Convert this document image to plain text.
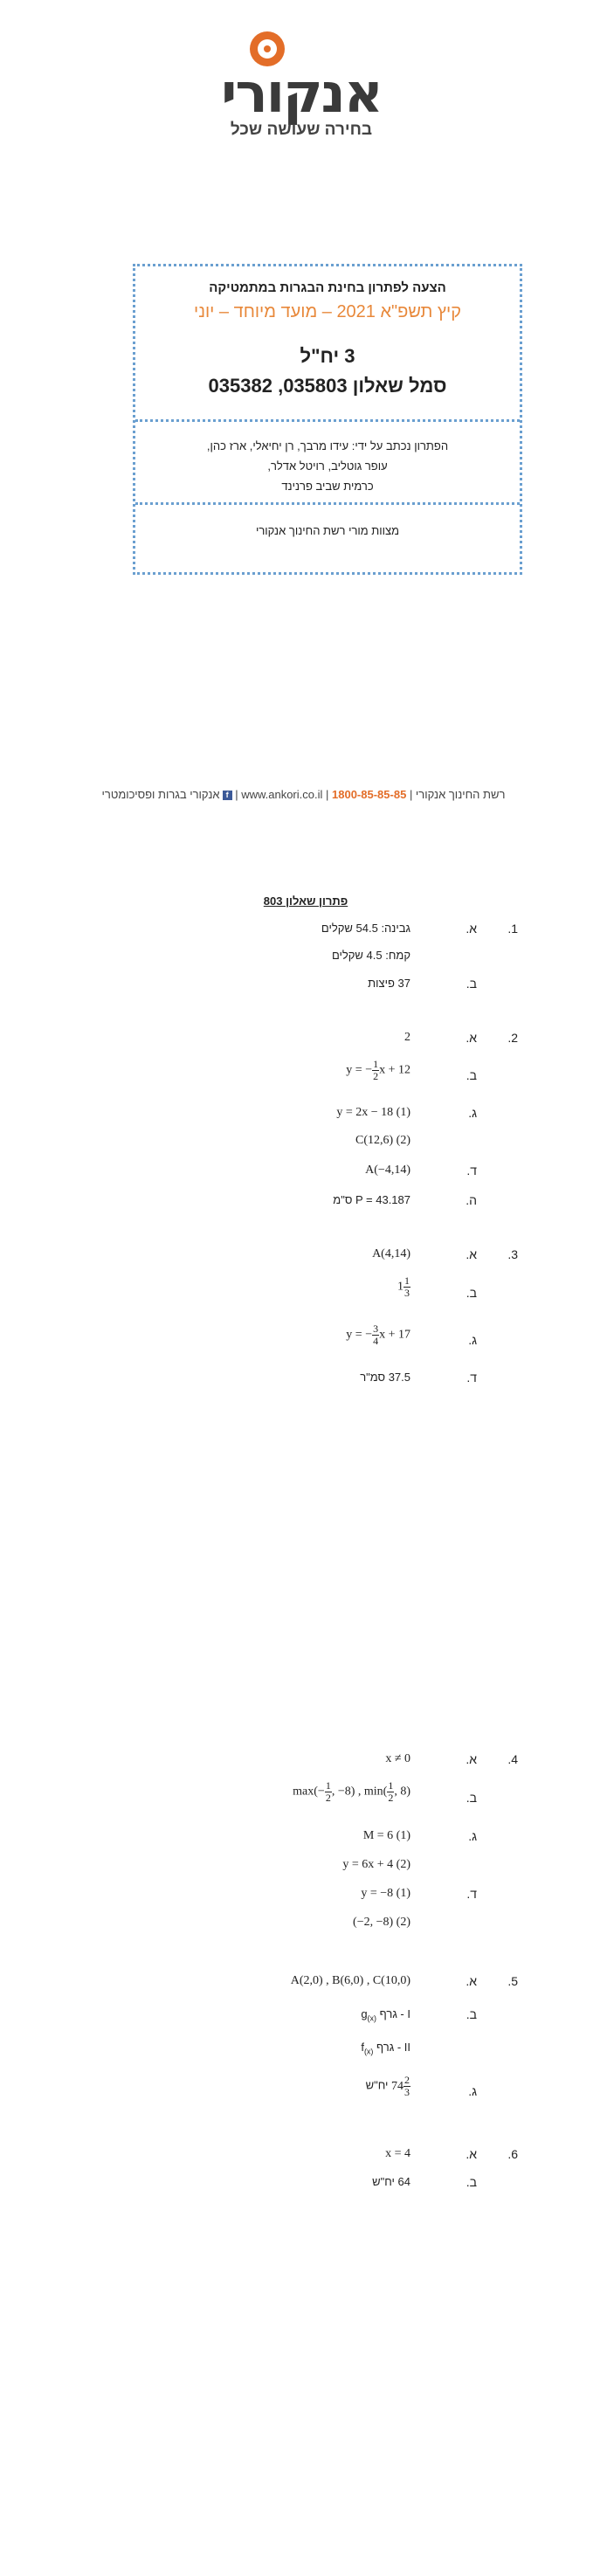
אנקורי
בחירה שעושה שכל
הצעה לפתרון בחינת הבגרות במתמטיקה
קיץ תשפ"א 2021 – מועד מיוחד – יוני
3 יח"ל
סמל שאלון 035803, 035382
הפתרון נכתב על ידי: עידו מרבך, רן יחיאלי, ארז כהן,
עופר גוטליב, רויטל אדלר,
כרמית שביב פרנינד
מצוות מורי רשת החינוך אנקורי
רשת החינוך אנקורי | 1800-85-85-85 | www.ankori.co.il | fאנקורי בגרות ופסיכומטרי
פתרון שאלון 803
1.
א.
גבינה: 54.5 שקלים
קמח: 4.5 שקלים
ב.
37 פיצות
2.
א.
2
ב.
y = − $\frac{1}{2}$ x + 12
ג.
y = 2x − 18 (1)
C(12,6) (2)
ד.
A(−4,14)
ה.
P = 43.187 ס"מ
3.
א.
A(4,14)
ב.
$1 \frac{1}{3}$
ג.
y = − $\frac{3}{4}$ x + 17
ד.
37.5 סמ"ר
4.
א.
x ≠ 0
ב.
$\max(- \frac{1}{2}$ , −8) , $\min( \frac{1}{2}$ , 8)
ג.
M = 6 (1)
y = 6x + 4 (2)
ד.
y = −8 (1)
(−2, −8) (2)
5.
א.
A(2,0) , B(6,0) , C(10,0)
ב.
I - גרף $g_{(x)}$
II - גרף $f_{(x)}$
ג.
$74 \frac{2}{3}$
יח"ש
6.
א.
x = 4
ב.
64 יח"ש
